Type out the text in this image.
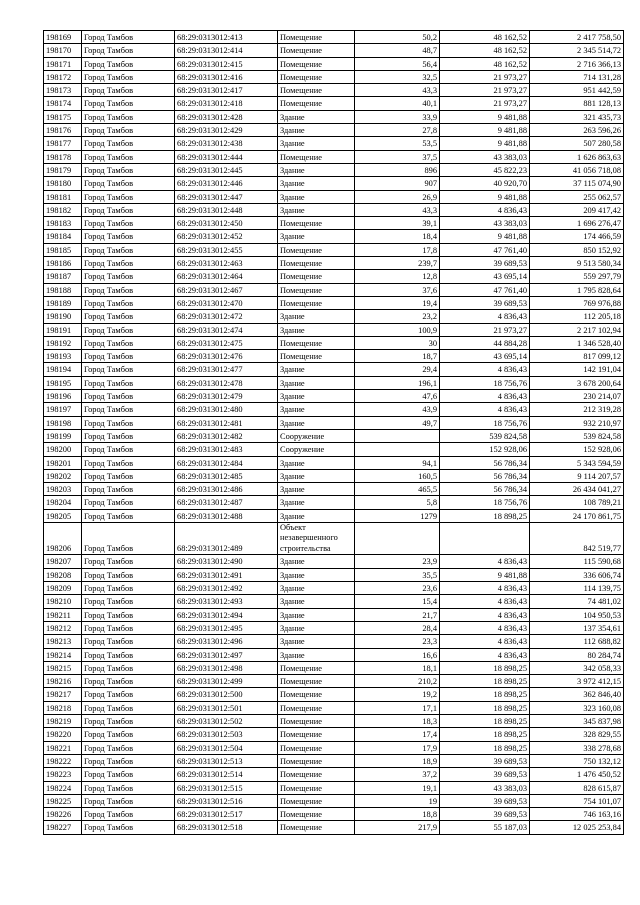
198169	Город Тамбов	68:29:0313012:413	Помещение	50,2	48 162,52	2 417 758,50
198170	Город Тамбов	68:29:0313012:414	Помещение	48,7	48 162,52	2 345 514,72
198171	Город Тамбов	68:29:0313012:415	Помещение	56,4	48 162,52	2 716 366,13
198172	Город Тамбов	68:29:0313012:416	Помещение	32,5	21 973,27	714 131,28
198173	Город Тамбов	68:29:0313012:417	Помещение	43,3	21 973,27	951 442,59
198174	Город Тамбов	68:29:0313012:418	Помещение	40,1	21 973,27	881 128,13
198175	Город Тамбов	68:29:0313012:428	Здание	33,9	9 481,88	321 435,73
198176	Город Тамбов	68:29:0313012:429	Здание	27,8	9 481,88	263 596,26
198177	Город Тамбов	68:29:0313012:438	Здание	53,5	9 481,88	507 280,58
198178	Город Тамбов	68:29:0313012:444	Помещение	37,5	43 383,03	1 626 863,63
198179	Город Тамбов	68:29:0313012:445	Здание	896	45 822,23	41 056 718,08
198180	Город Тамбов	68:29:0313012:446	Здание	907	40 920,70	37 115 074,90
198181	Город Тамбов	68:29:0313012:447	Здание	26,9	9 481,88	255 062,57
198182	Город Тамбов	68:29:0313012:448	Здание	43,3	4 836,43	209 417,42
198183	Город Тамбов	68:29:0313012:450	Помещение	39,1	43 383,03	1 696 276,47
198184	Город Тамбов	68:29:0313012:452	Здание	18,4	9 481,88	174 466,59
198185	Город Тамбов	68:29:0313012:455	Помещение	17,8	47 761,40	850 152,92
198186	Город Тамбов	68:29:0313012:463	Помещение	239,7	39 689,53	9 513 580,34
198187	Город Тамбов	68:29:0313012:464	Помещение	12,8	43 695,14	559 297,79
198188	Город Тамбов	68:29:0313012:467	Помещение	37,6	47 761,40	1 795 828,64
198189	Город Тамбов	68:29:0313012:470	Помещение	19,4	39 689,53	769 976,88
198190	Город Тамбов	68:29:0313012:472	Здание	23,2	4 836,43	112 205,18
198191	Город Тамбов	68:29:0313012:474	Здание	100,9	21 973,27	2 217 102,94
198192	Город Тамбов	68:29:0313012:475	Помещение	30	44 884,28	1 346 528,40
198193	Город Тамбов	68:29:0313012:476	Помещение	18,7	43 695,14	817 099,12
198194	Город Тамбов	68:29:0313012:477	Здание	29,4	4 836,43	142 191,04
198195	Город Тамбов	68:29:0313012:478	Здание	196,1	18 756,76	3 678 200,64
198196	Город Тамбов	68:29:0313012:479	Здание	47,6	4 836,43	230 214,07
198197	Город Тамбов	68:29:0313012:480	Здание	43,9	4 836,43	212 319,28
198198	Город Тамбов	68:29:0313012:481	Здание	49,7	18 756,76	932 210,97
198199	Город Тамбов	68:29:0313012:482	Сооружение		539 824,58	539 824,58
198200	Город Тамбов	68:29:0313012:483	Сооружение		152 928,06	152 928,06
198201	Город Тамбов	68:29:0313012:484	Здание	94,1	56 786,34	5 343 594,59
198202	Город Тамбов	68:29:0313012:485	Здание	160,5	56 786,34	9 114 207,57
198203	Город Тамбов	68:29:0313012:486	Здание	465,5	56 786,34	26 434 041,27
198204	Город Тамбов	68:29:0313012:487	Здание	5,8	18 756,76	108 789,21
198205	Город Тамбов	68:29:0313012:488	Здание	1279	18 898,25	24 170 861,75
198206	Город Тамбов	68:29:0313012:489	Объект незавершенного строительства			842 519,77
198207	Город Тамбов	68:29:0313012:490	Здание	23,9	4 836,43	115 590,68
198208	Город Тамбов	68:29:0313012:491	Здание	35,5	9 481,88	336 606,74
198209	Город Тамбов	68:29:0313012:492	Здание	23,6	4 836,43	114 139,75
198210	Город Тамбов	68:29:0313012:493	Здание	15,4	4 836,43	74 481,02
198211	Город Тамбов	68:29:0313012:494	Здание	21,7	4 836,43	104 950,53
198212	Город Тамбов	68:29:0313012:495	Здание	28,4	4 836,43	137 354,61
198213	Город Тамбов	68:29:0313012:496	Здание	23,3	4 836,43	112 688,82
198214	Город Тамбов	68:29:0313012:497	Здание	16,6	4 836,43	80 284,74
198215	Город Тамбов	68:29:0313012:498	Помещение	18,1	18 898,25	342 058,33
198216	Город Тамбов	68:29:0313012:499	Помещение	210,2	18 898,25	3 972 412,15
198217	Город Тамбов	68:29:0313012:500	Помещение	19,2	18 898,25	362 846,40
198218	Город Тамбов	68:29:0313012:501	Помещение	17,1	18 898,25	323 160,08
198219	Город Тамбов	68:29:0313012:502	Помещение	18,3	18 898,25	345 837,98
198220	Город Тамбов	68:29:0313012:503	Помещение	17,4	18 898,25	328 829,55
198221	Город Тамбов	68:29:0313012:504	Помещение	17,9	18 898,25	338 278,68
198222	Город Тамбов	68:29:0313012:513	Помещение	18,9	39 689,53	750 132,12
198223	Город Тамбов	68:29:0313012:514	Помещение	37,2	39 689,53	1 476 450,52
198224	Город Тамбов	68:29:0313012:515	Помещение	19,1	43 383,03	828 615,87
198225	Город Тамбов	68:29:0313012:516	Помещение	19	39 689,53	754 101,07
198226	Город Тамбов	68:29:0313012:517	Помещение	18,8	39 689,53	746 163,16
198227	Город Тамбов	68:29:0313012:518	Помещение	217,9	55 187,03	12 025 253,84
